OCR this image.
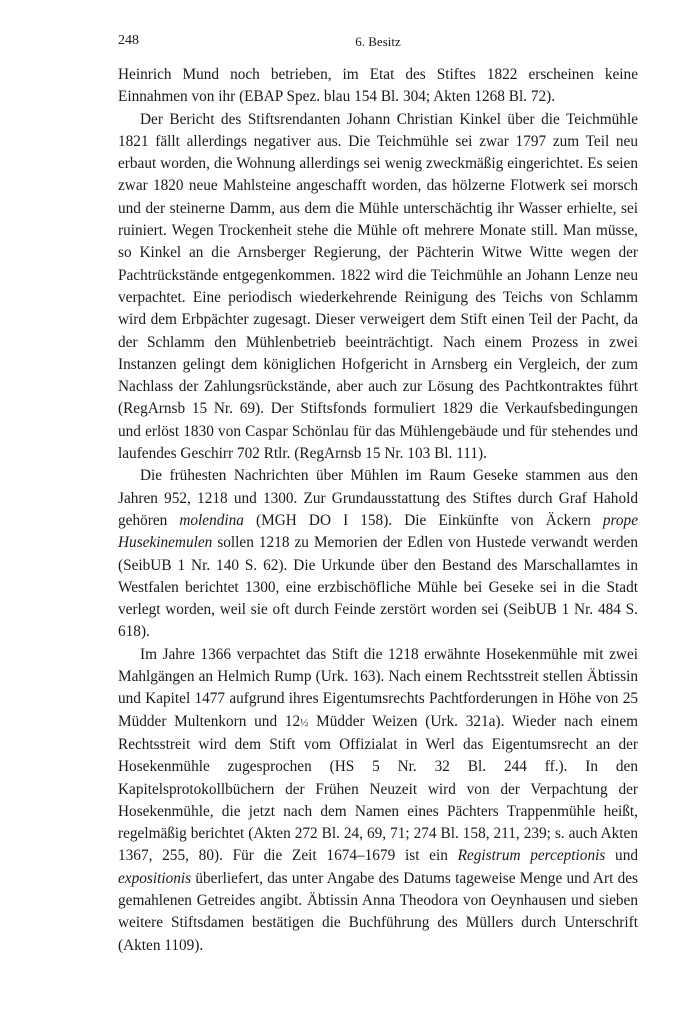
248	6. Besitz

Heinrich Mund noch betrieben, im Etat des Stiftes 1822 erscheinen keine Einnahmen von ihr (EBAP Spez. blau 154 Bl. 304; Akten 1268 Bl. 72).

Der Bericht des Stiftsrendanten Johann Christian Kinkel über die Teichmühle 1821 fällt allerdings negativer aus. Die Teichmühle sei zwar 1797 zum Teil neu erbaut worden, die Wohnung allerdings sei wenig zweckmäßig eingerichtet. Es seien zwar 1820 neue Mahlsteine angeschafft worden, das hölzerne Flotwerk sei morsch und der steinerne Damm, aus dem die Mühle unterschächtig ihr Wasser erhielte, sei ruiniert. Wegen Trockenheit stehe die Mühle oft mehrere Monate still. Man müsse, so Kinkel an die Arnsberger Regierung, der Pächterin Witwe Witte wegen der Pachtrückstände entgegenkommen. 1822 wird die Teichmühle an Johann Lenze neu verpachtet. Eine periodisch wiederkehrende Reinigung des Teichs von Schlamm wird dem Erbpächter zugesagt. Dieser verweigert dem Stift einen Teil der Pacht, da der Schlamm den Mühlenbetrieb beeinträchtigt. Nach einem Prozess in zwei Instanzen gelingt dem königlichen Hofgericht in Arnsberg ein Vergleich, der zum Nachlass der Zahlungsrückstände, aber auch zur Lösung des Pachtkontraktes führt (RegArnsb 15 Nr. 69). Der Stiftsfonds formuliert 1829 die Verkaufsbedingungen und erlöst 1830 von Caspar Schönlau für das Mühlengebäude und für stehendes und laufendes Geschirr 702 Rtlr. (RegArnsb 15 Nr. 103 Bl. 111).

Die frühesten Nachrichten über Mühlen im Raum Geseke stammen aus den Jahren 952, 1218 und 1300. Zur Grundausstattung des Stiftes durch Graf Hahold gehören molendina (MGH DO I 158). Die Einkünfte von Äckern prope Husekinemulen sollen 1218 zu Memorien der Edlen von Hustede verwandt werden (SeibUB 1 Nr. 140 S. 62). Die Urkunde über den Bestand des Marschallamtes in Westfalen berichtet 1300, eine erzbischöfliche Mühle bei Geseke sei in die Stadt verlegt worden, weil sie oft durch Feinde zerstört worden sei (SeibUB 1 Nr. 484 S. 618).

Im Jahre 1366 verpachtet das Stift die 1218 erwähnte Hosekenmühle mit zwei Mahlgängen an Helmich Rump (Urk. 163). Nach einem Rechtsstreit stellen Äbtissin und Kapitel 1477 aufgrund ihres Eigentumsrechts Pachtforderungen in Höhe von 25 Müdder Multenkorn und 12½ Müdder Weizen (Urk. 321a). Wieder nach einem Rechtsstreit wird dem Stift vom Offizialat in Werl das Eigentumsrecht an der Hosekenmühle zugesprochen (HS 5 Nr. 32 Bl. 244 ff.). In den Kapitelsprotokollbüchern der Frühen Neuzeit wird von der Verpachtung der Hosekenmühle, die jetzt nach dem Namen eines Pächters Trappenmühle heißt, regelmäßig berichtet (Akten 272 Bl. 24, 69, 71; 274 Bl. 158, 211, 239; s. auch Akten 1367, 255, 80). Für die Zeit 1674–1679 ist ein Registrum perceptionis und expositionis überliefert, das unter Angabe des Datums tageweise Menge und Art des gemahlenen Getreides angibt. Äbtissin Anna Theodora von Oeynhausen und sieben weitere Stiftsdamen bestätigen die Buchführung des Müllers durch Unterschrift (Akten 1109).
